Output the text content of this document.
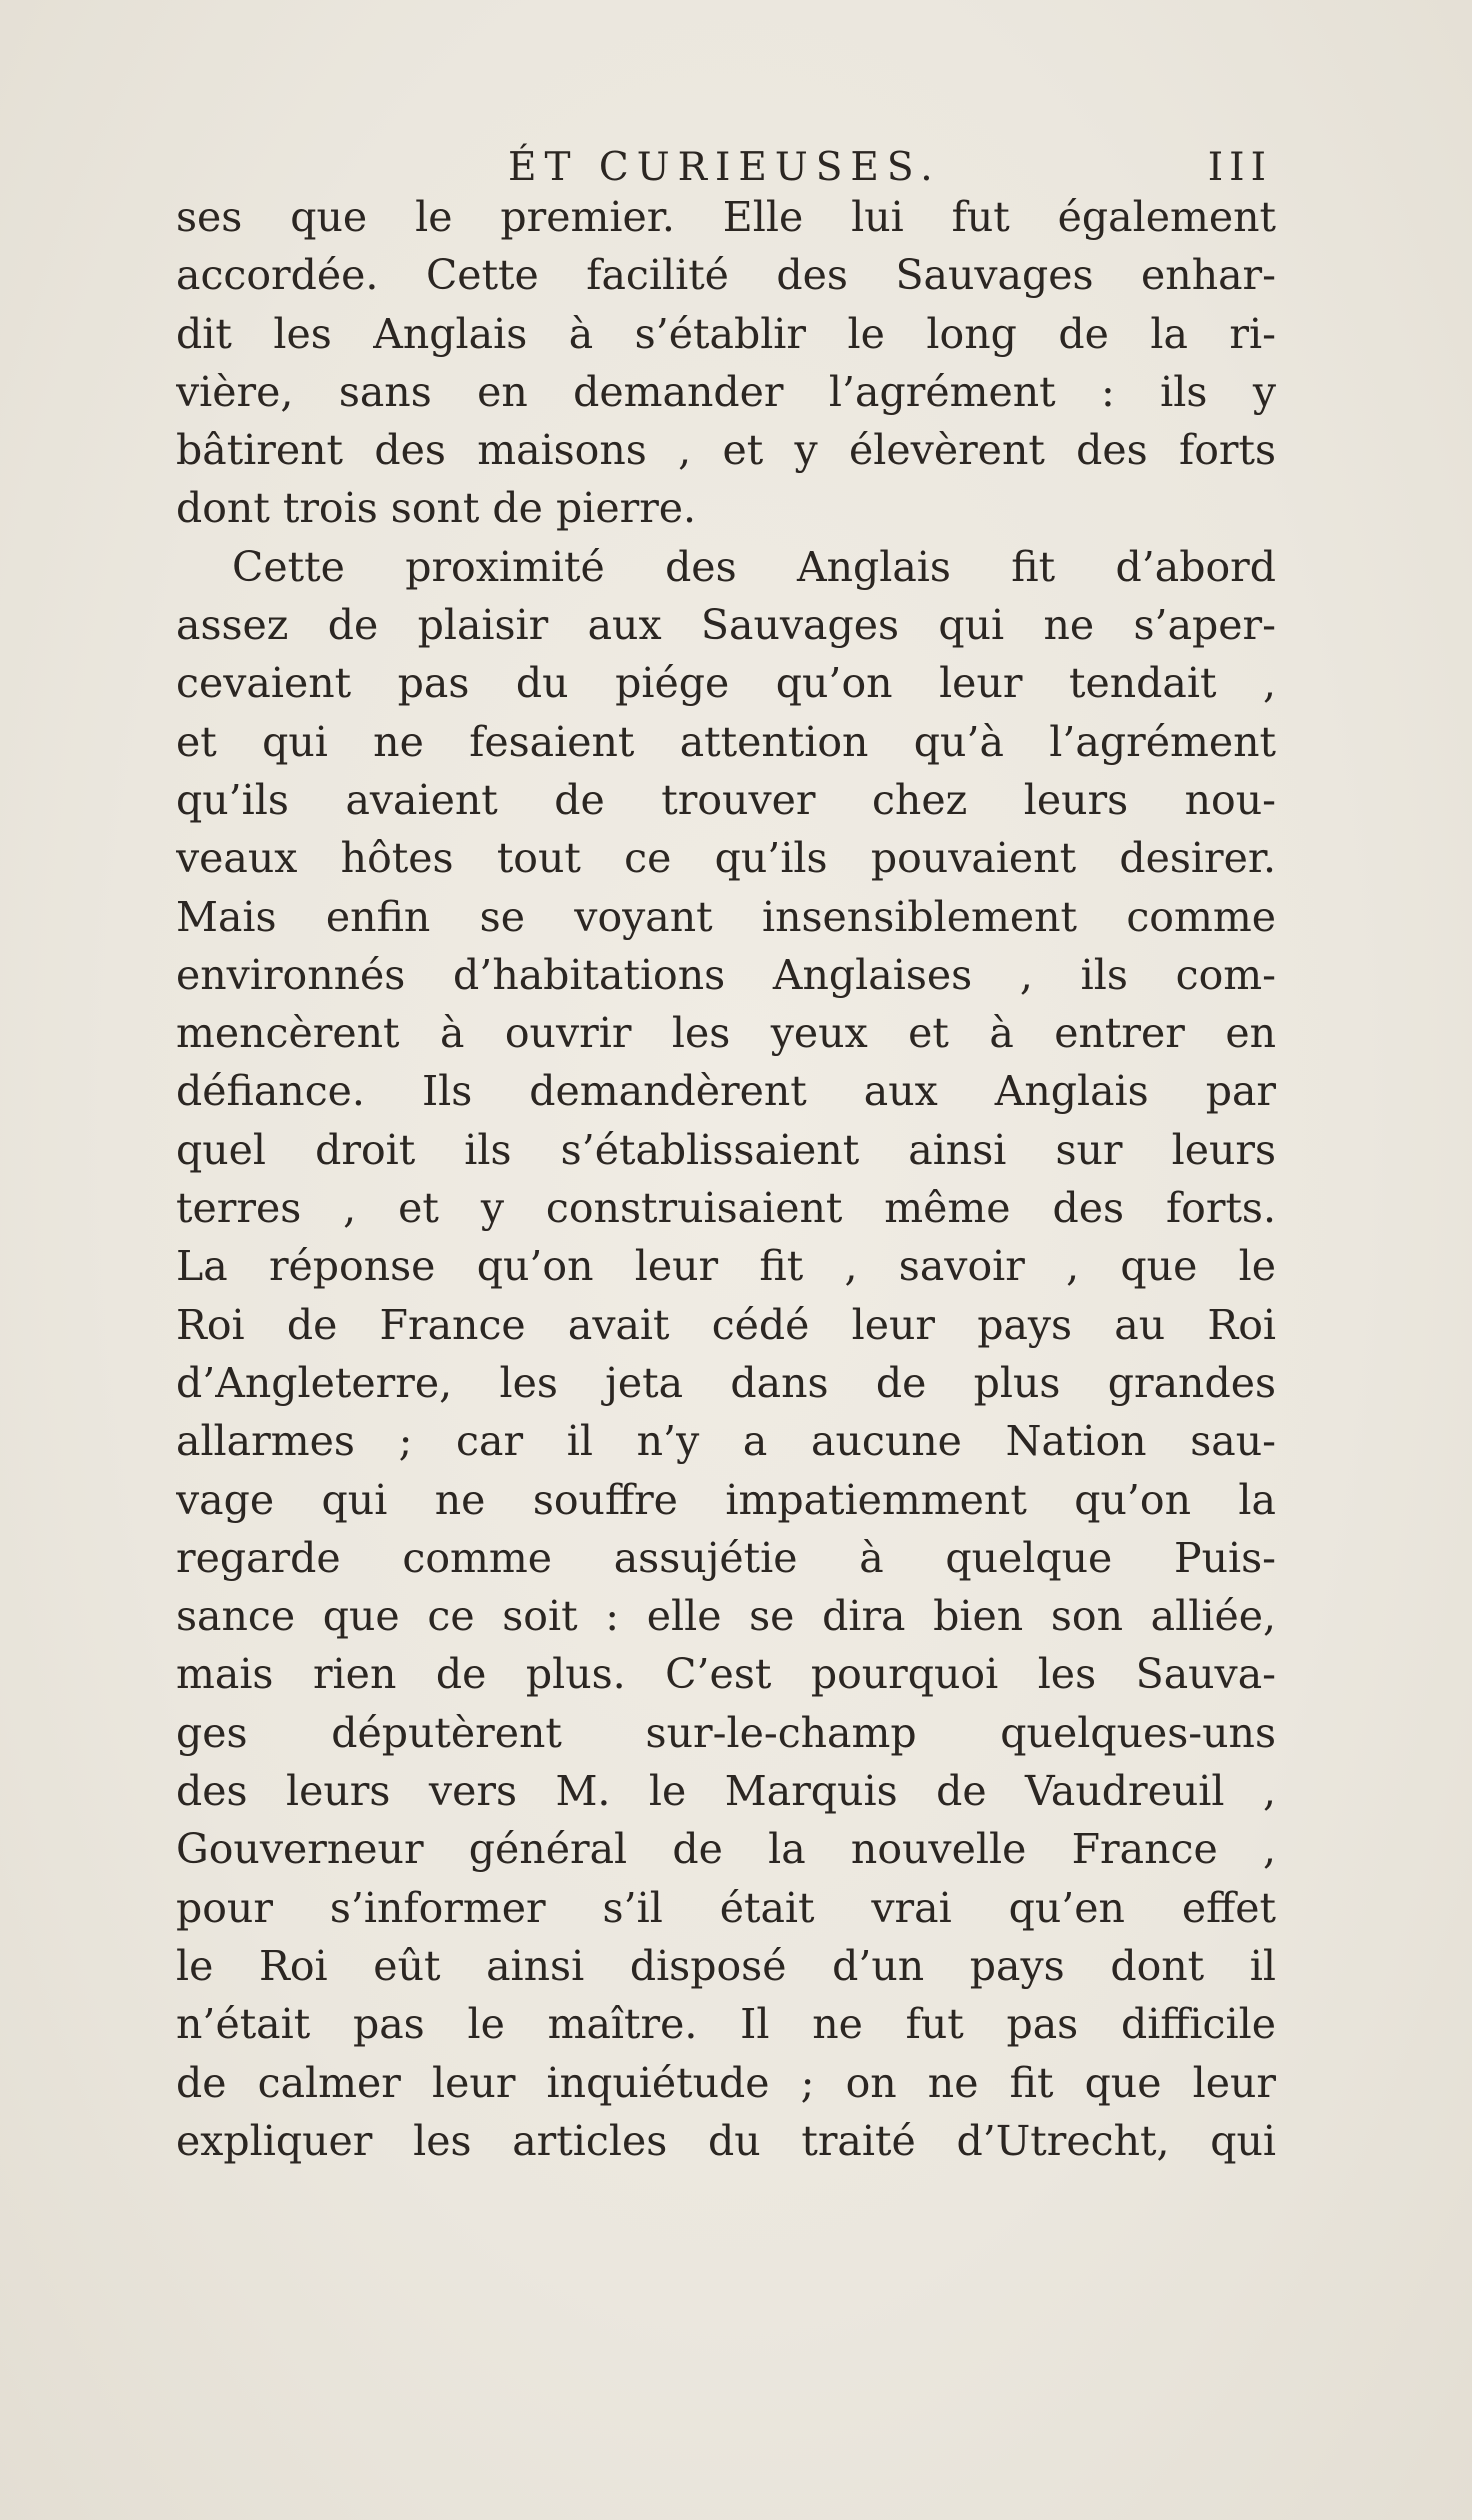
ÉT CURIEUSES.	III
ses que le premier. Elle lui fut également
accordée. Cette facilité des Sauvages enhar-
dit les Anglais à s’établir le long de la ri-
vière, sans en demander l’agrément : ils y
bâtirent des maisons , et y élevèrent des forts
dont trois sont de pierre.
Cette proximité des Anglais fit d’abord
assez de plaisir aux Sauvages qui ne s’aper-
cevaient pas du piége qu’on leur tendait ,
et qui ne fesaient attention qu’à l’agrément
qu’ils avaient de trouver chez leurs nou-
veaux hôtes tout ce qu’ils pouvaient desirer.
Mais enfin se voyant insensiblement comme
environnés d’habitations Anglaises , ils com-
mencèrent à ouvrir les yeux et à entrer en
défiance. Ils demandèrent aux Anglais par
quel droit ils s’établissaient ainsi sur leurs
terres , et y construisaient même des forts.
La réponse qu’on leur fit , savoir , que le
Roi de France avait cédé leur pays au Roi
d’Angleterre, les jeta dans de plus grandes
allarmes ; car il n’y a aucune Nation sau-
vage qui ne souffre impatiemment qu’on la
regarde comme assujétie à quelque Puis-
sance que ce soit : elle se dira bien son alliée,
mais rien de plus. C’est pourquoi les Sauva-
ges députèrent sur-le-champ quelques-uns
des leurs vers M. le Marquis de Vaudreuil ,
Gouverneur général de la nouvelle France ,
pour s’informer s’il était vrai qu’en effet
le Roi eût ainsi disposé d’un pays dont il
n’était pas le maître. Il ne fut pas difficile
de calmer leur inquiétude ; on ne fit que leur
expliquer les articles du traité d’Utrecht, qui
